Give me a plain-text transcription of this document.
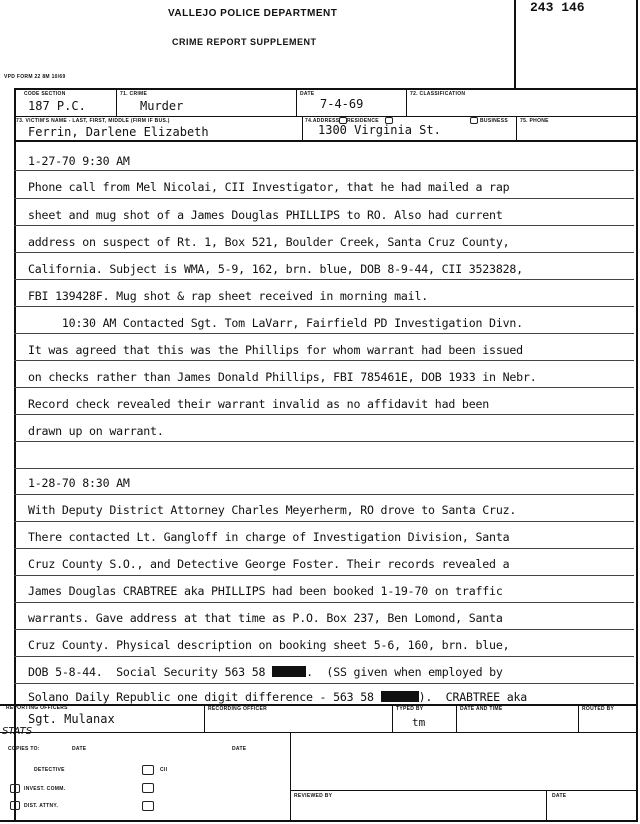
VALLEJO POLICE DEPARTMENT
CRIME REPORT SUPPLEMENT
243 146
VPD FORM 22 8M 10/69
CODE SECTION
187 P.C.
71. CRIME
Murder
DATE
7-4-69
72. CLASSIFICATION
73. VICTIM'S NAME - LAST, FIRST, MIDDLE (FIRM IF BUS.)
Ferrin, Darlene Elizabeth
74.ADDRESS RESIDENCE	BUSINESS 75. PHONE
1300 Virginia St.
1-27-70 9:30 AM
Phone call from Mel Nicolai, CII Investigator, that he had mailed a rap
sheet and mug shot of a James Douglas PHILLIPS to RO. Also had current
address on suspect of Rt. 1, Box 521, Boulder Creek, Santa Cruz County,
California. Subject is WMA, 5-9, 162, brn. blue, DOB 8-9-44, CII 3523828,
FBI 139428F. Mug shot & rap sheet received in morning mail.
10:30 AM Contacted Sgt. Tom LaVarr, Fairfield PD Investigation Divn.
It was agreed that this was the Phillips for whom warrant had been issued
on checks rather than James Donald Phillips, FBI 785461E, DOB 1933 in Nebr.
Record check revealed their warrant invalid as no affidavit had been
drawn up on warrant.
1-28-70 8:30 AM
With Deputy District Attorney Charles Meyerherm, RO drove to Santa Cruz.
There contacted Lt. Gangloff in charge of Investigation Division, Santa
Cruz County S.O., and Detective George Foster. Their records revealed a
James Douglas CRABTREE aka PHILLIPS had been booked 1-19-70 on traffic
warrants. Gave address at that time as P.O. Box 237, Ben Lomond, Santa
Cruz County. Physical description on booking sheet 5-6, 160, brn. blue,
DOB 5-8-44.  Social Security 563 58	.  (SS given when employed by
Solano Daily Republic one digit difference - 563 58	).  CRABTREE aka
REPORTING OFFICERS
Sgt. Mulanax
RECORDING OFFICER	TYPED BY
tm
DATE AND TIME	ROUTED BY
STATS
COPIES TO:	DATE	DATE
DETECTIVE	CII
INVEST. COMM.
DIST. ATTNY.
REVIEWED BY	DATE
